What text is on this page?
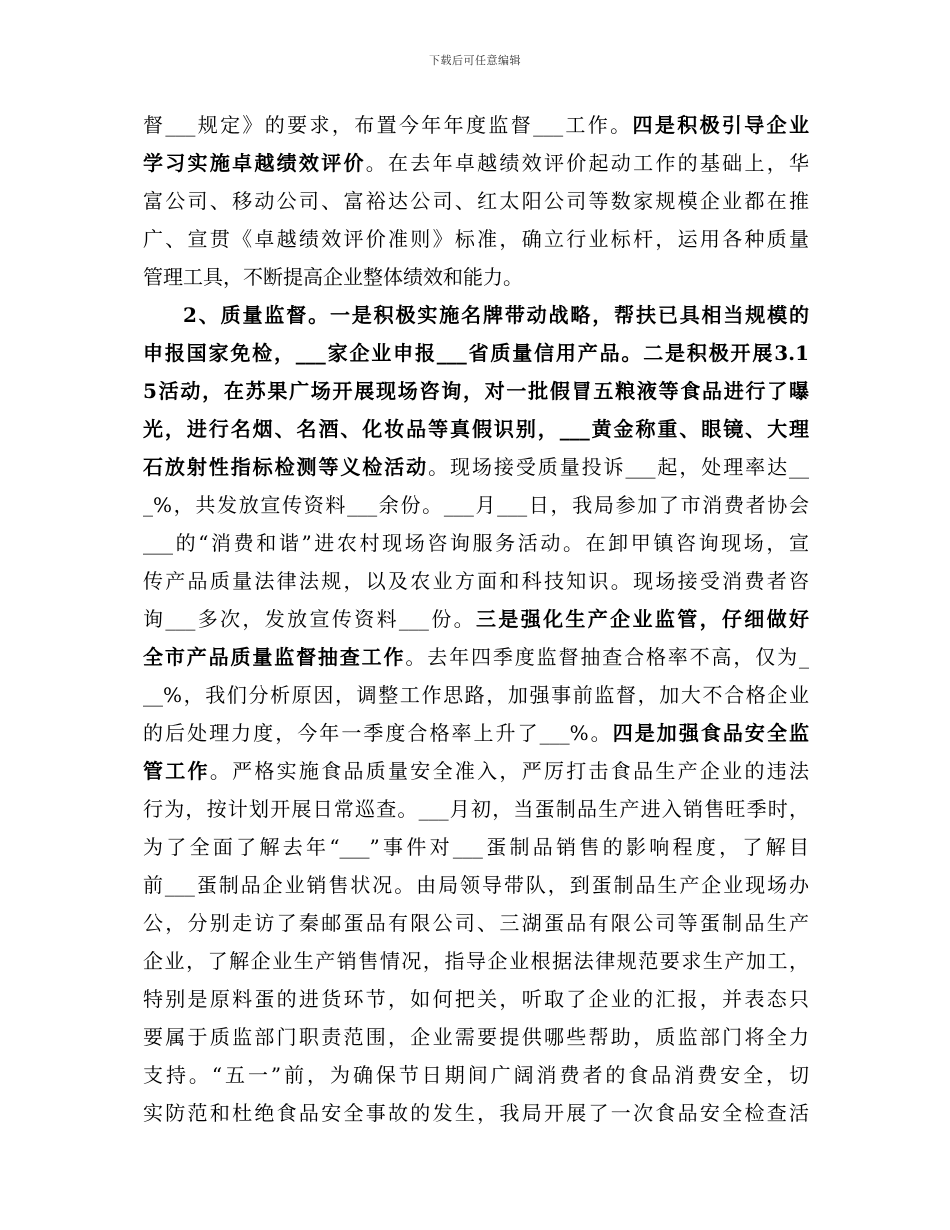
下载后可任意编辑
督___规定》的要求，布置今年年度监督___工作。四是积极引导企业
学习实施卓越绩效评价。在去年卓越绩效评价起动工作的基础上，华
富公司、移动公司、富裕达公司、红太阳公司等数家规模企业都在推
广、宣贯《卓越绩效评价准则》标准，确立行业标杆，运用各种质量
管理工具，不断提高企业整体绩效和能力。
2、质量监督。一是积极实施名牌带动战略，帮扶已具相当规模的
申报国家免检，___家企业申报___省质量信用产品。二是积极开展3.1
5活动，在苏果广场开展现场咨询，对一批假冒五粮液等食品进行了曝
光，进行名烟、名酒、化妆品等真假识别，___黄金称重、眼镜、大理
石放射性指标检测等义检活动。现场接受质量投诉___起，处理率达__
_%，共发放宣传资料___余份。___月___日，我局参加了市消费者协会
___的“消费和谐”进农村现场咨询服务活动。在卸甲镇咨询现场，宣
传产品质量法律法规，以及农业方面和科技知识。现场接受消费者咨
询___多次，发放宣传资料___份。三是强化生产企业监管，仔细做好
全市产品质量监督抽查工作。去年四季度监督抽查合格率不高，仅为_
__%，我们分析原因，调整工作思路，加强事前监督，加大不合格企业
的后处理力度，今年一季度合格率上升了___%。四是加强食品安全监
管工作。严格实施食品质量安全准入，严厉打击食品生产企业的违法
行为，按计划开展日常巡查。___月初，当蛋制品生产进入销售旺季时，
为了全面了解去年“___”事件对___蛋制品销售的影响程度，了解目
前___蛋制品企业销售状况。由局领导带队，到蛋制品生产企业现场办
公，分别走访了秦邮蛋品有限公司、三湖蛋品有限公司等蛋制品生产
企业，了解企业生产销售情况，指导企业根据法律规范要求生产加工，
特别是原料蛋的进货环节，如何把关，听取了企业的汇报，并表态只
要属于质监部门职责范围，企业需要提供哪些帮助，质监部门将全力
支持。“五一”前，为确保节日期间广阔消费者的食品消费安全，切
实防范和杜绝食品安全事故的发生，我局开展了一次食品安全检查活
